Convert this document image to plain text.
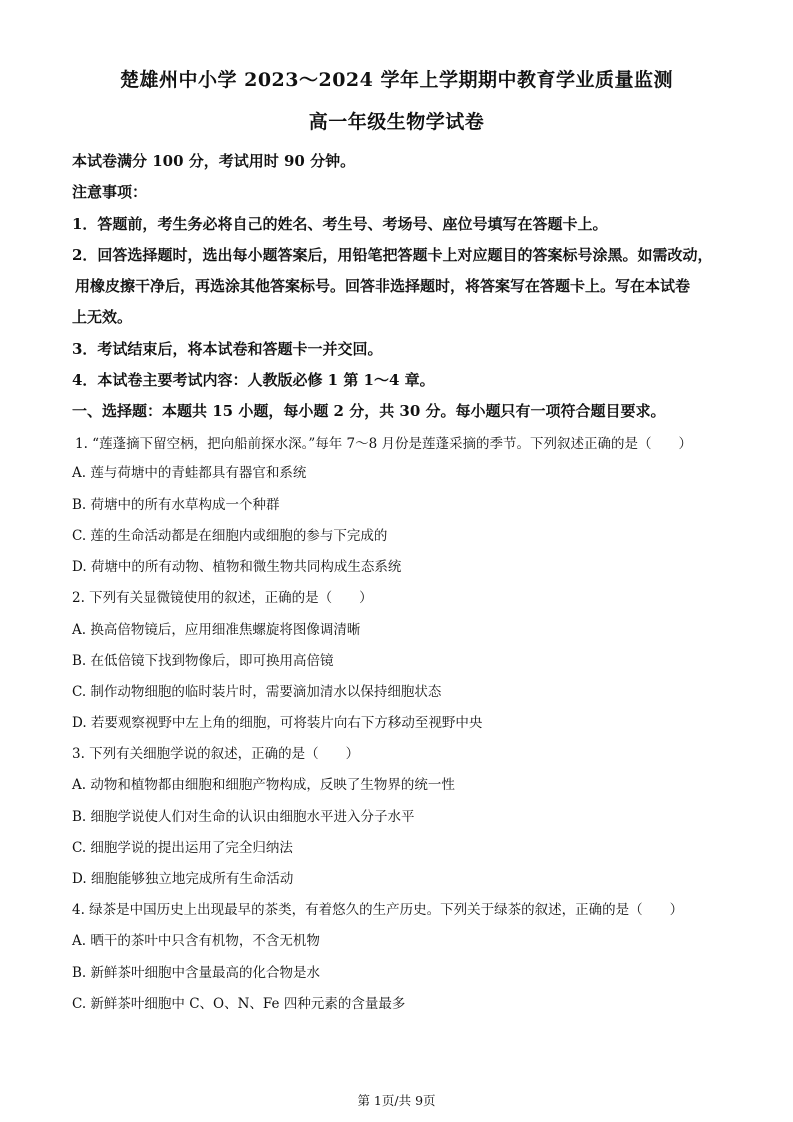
楚雄州中小学 2023～2024 学年上学期期中教育学业质量监测
高一年级生物学试卷
本试卷满分 100 分，考试用时 90 分钟。
注意事项：
1．答题前，考生务必将自己的姓名、考生号、考场号、座位号填写在答题卡上。
2．回答选择题时，选出每小题答案后，用铅笔把答题卡上对应题目的答案标号涂黑。如需改动，
用橡皮擦干净后，再选涂其他答案标号。回答非选择题时，将答案写在答题卡上。写在本试卷
上无效。
3．考试结束后，将本试卷和答题卡一并交回。
4．本试卷主要考试内容：人教版必修 1 第 1～4 章。
一、选择题：本题共 15 小题，每小题 2 分，共 30 分。每小题只有一项符合题目要求。
1. “莲蓬摘下留空柄，把向船前探水深。”每年 7～8 月份是莲蓬采摘的季节。下列叙述正确的是（　　）
A. 莲与荷塘中的青蛙都具有器官和系统
B. 荷塘中的所有水草构成一个种群
C. 莲的生命活动都是在细胞内或细胞的参与下完成的
D. 荷塘中的所有动物、植物和微生物共同构成生态系统
2. 下列有关显微镜使用的叙述，正确的是（　　）
A. 换高倍物镜后，应用细准焦螺旋将图像调清晰
B. 在低倍镜下找到物像后，即可换用高倍镜
C. 制作动物细胞的临时装片时，需要滴加清水以保持细胞状态
D. 若要观察视野中左上角的细胞，可将装片向右下方移动至视野中央
3. 下列有关细胞学说的叙述，正确的是（　　）
A. 动物和植物都由细胞和细胞产物构成，反映了生物界的统一性
B. 细胞学说使人们对生命的认识由细胞水平进入分子水平
C. 细胞学说的提出运用了完全归纳法
D. 细胞能够独立地完成所有生命活动
4. 绿茶是中国历史上出现最早的茶类，有着悠久的生产历史。下列关于绿茶的叙述，正确的是（　　）
A. 晒干的茶叶中只含有机物，不含无机物
B. 新鲜茶叶细胞中含量最高的化合物是水
C. 新鲜茶叶细胞中 C、O、N、Fe 四种元素的含量最多
第 1页/共 9页
